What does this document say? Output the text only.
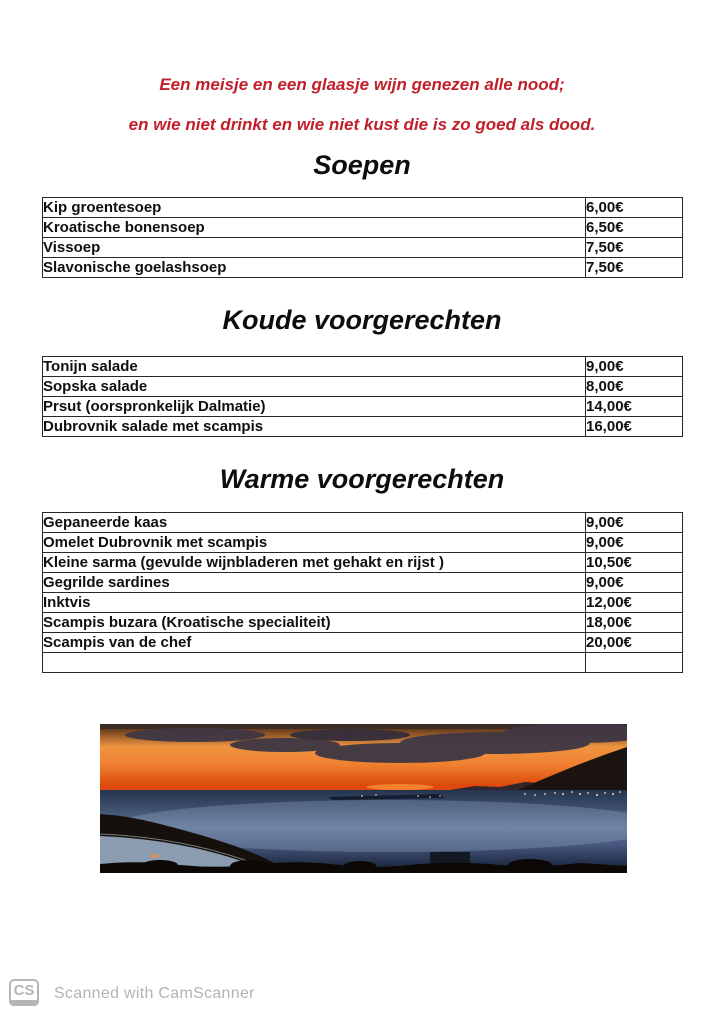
Een meisje en een glaasje wijn genezen alle nood;
en wie niet drinkt en wie niet kust die is zo goed als dood.
Soepen
Kip groentesoep	6,00€
Kroatische bonensoep	6,50€
Vissoep	7,50€
Slavonische goelashsoep	7,50€
Koude voorgerechten
Tonijn salade	9,00€
Sopska salade	8,00€
Prsut (oorspronkelijk Dalmatie)	14,00€
Dubrovnik salade met scampis	16,00€
Warme voorgerechten
Gepaneerde kaas	9,00€
Omelet Dubrovnik met scampis	9,00€
Kleine sarma (gevulde wijnbladeren met gehakt en rijst )	10,50€
Gegrilde sardines	9,00€
Inktvis	12,00€
Scampis buzara (Kroatische specialiteit)	18,00€
Scampis van de chef	20,00€

CS Scanned with CamScanner
